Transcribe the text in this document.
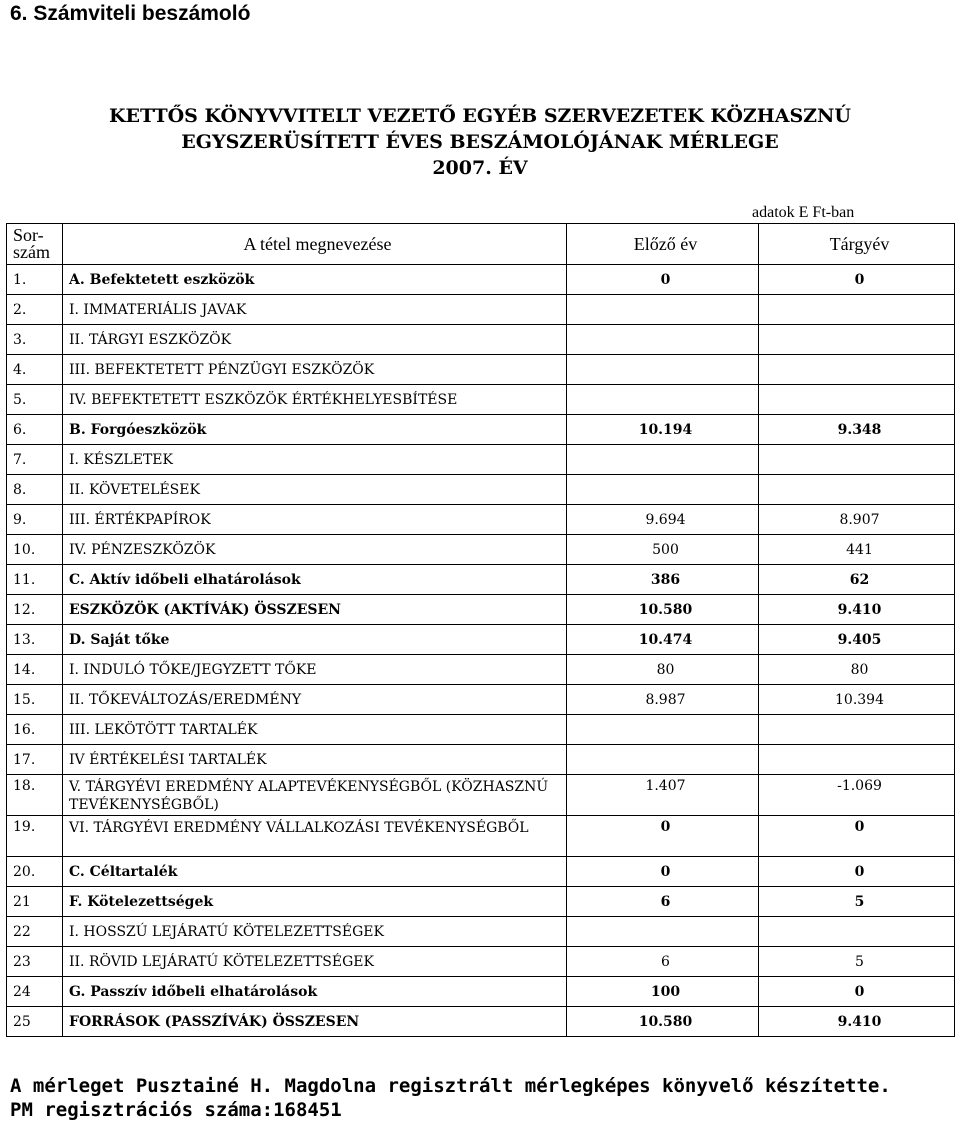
6. Számviteli beszámoló
KETTŐS KÖNYVVITELT VEZETŐ EGYÉB SZERVEZETEK KÖZHASZNÚ
EGYSZERÜSÍTETT ÉVES BESZÁMOLÓJÁNAK MÉRLEGE
2007. ÉV
adatok E Ft-ban
Sor-
szám	A tétel megnevezése	Előző év	Tárgyév
1.	A. Befektetett eszközök	0	0
2.	I. IMMATERIÁLIS JAVAK		
3.	II. TÁRGYI ESZKÖZÖK		
4.	III. BEFEKTETETT PÉNZÜGYI ESZKÖZÖK		
5.	IV. BEFEKTETETT ESZKÖZÖK ÉRTÉKHELYESBÍTÉSE		
6.	B. Forgóeszközök	10.194	9.348
7.	I. KÉSZLETEK		
8.	II. KÖVETELÉSEK		
9.	III. ÉRTÉKPAPÍROK	9.694	8.907
10.	IV. PÉNZESZKÖZÖK	500	441
11.	C. Aktív időbeli elhatárolások	386	62
12.	ESZKÖZÖK (AKTÍVÁK) ÖSSZESEN	10.580	9.410
13.	D. Saját tőke	10.474	9.405
14.	I. INDULÓ TŐKE/JEGYZETT TŐKE	80	80
15.	II. TŐKEVÁLTOZÁS/EREDMÉNY	8.987	10.394
16.	III. LEKÖTÖTT TARTALÉK		
17.	IV ÉRTÉKELÉSI TARTALÉK		
18.	V. TÁRGYÉVI EREDMÉNY ALAPTEVÉKENYSÉGBŐL (KÖZHASZNÚ TEVÉKENYSÉGBŐL)	1.407	-1.069
19.	VI. TÁRGYÉVI EREDMÉNY VÁLLALKOZÁSI TEVÉKENYSÉGBŐL	0	0
20.	C. Céltartalék	0	0
21	F. Kötelezettségek	6	5
22	I. HOSSZÚ LEJÁRATÚ KÖTELEZETTSÉGEK		
23	II. RÖVID LEJÁRATÚ KÖTELEZETTSÉGEK	6	5
24	G. Passzív időbeli elhatárolások	100	0
25	FORRÁSOK (PASSZÍVÁK) ÖSSZESEN	10.580	9.410
A mérleget Pusztainé H. Magdolna regisztrált mérlegképes könyvelő készítette.
PM regisztrációs száma:168451
